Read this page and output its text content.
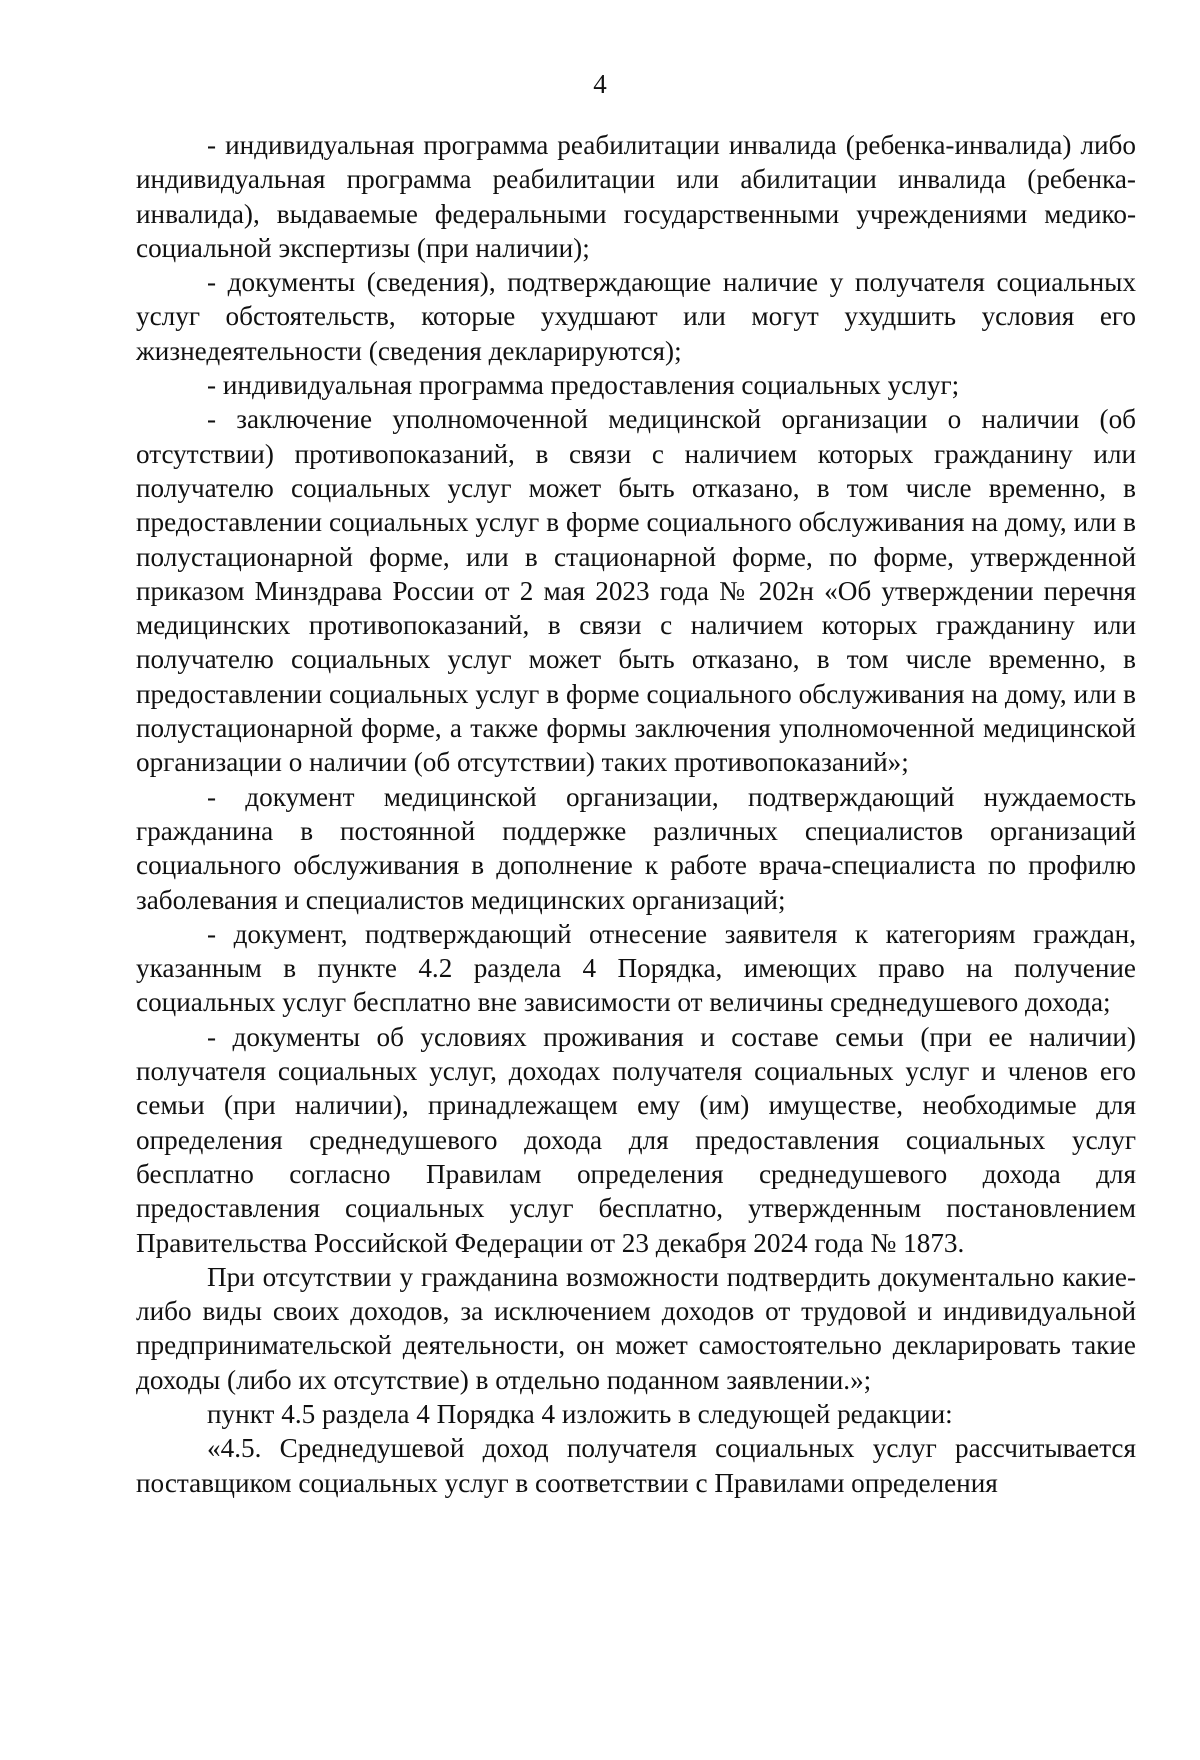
4

- индивидуальная программа реабилитации инвалида (ребенка-инвалида) либо индивидуальная программа реабилитации или абилитации инвалида (ребенка-инвалида), выдаваемые федеральными государственными учреждениями медико-социальной экспертизы (при наличии);

- документы (сведения), подтверждающие наличие у получателя социальных услуг обстоятельств, которые ухудшают или могут ухудшить условия его жизнедеятельности (сведения декларируются);

- индивидуальная программа предоставления социальных услуг;

- заключение уполномоченной медицинской организации о наличии (об отсутствии) противопоказаний, в связи с наличием которых гражданину или получателю социальных услуг может быть отказано, в том числе временно, в предоставлении социальных услуг в форме социального обслуживания на дому, или в полустационарной форме, или в стационарной форме, по форме, утвержденной приказом Минздрава России от 2 мая 2023 года № 202н «Об утверждении перечня медицинских противопоказаний, в связи с наличием которых гражданину или получателю социальных услуг может быть отказано, в том числе временно, в предоставлении социальных услуг в форме социального обслуживания на дому, или в полустационарной форме, а также формы заключения уполномоченной медицинской организации о наличии (об отсутствии) таких противопоказаний»;

- документ медицинской организации, подтверждающий нуждаемость гражданина в постоянной поддержке различных специалистов организаций социального обслуживания в дополнение к работе врача-специалиста по профилю заболевания и специалистов медицинских организаций;

- документ, подтверждающий отнесение заявителя к категориям граждан, указанным в пункте 4.2 раздела 4 Порядка, имеющих право на получение социальных услуг бесплатно вне зависимости от величины среднедушевого дохода;

- документы об условиях проживания и составе семьи (при ее наличии) получателя социальных услуг, доходах получателя социальных услуг и членов его семьи (при наличии), принадлежащем ему (им) имуществе, необходимые для определения среднедушевого дохода для предоставления социальных услуг бесплатно согласно Правилам определения среднедушевого дохода для предоставления социальных услуг бесплатно, утвержденным постановлением Правительства Российской Федерации от 23 декабря 2024 года № 1873.

При отсутствии у гражданина возможности подтвердить документально какие-либо виды своих доходов, за исключением доходов от трудовой и индивидуальной предпринимательской деятельности, он может самостоятельно декларировать такие доходы (либо их отсутствие) в отдельно поданном заявлении.»;

пункт 4.5 раздела 4 Порядка 4 изложить в следующей редакции:

«4.5. Среднедушевой доход получателя социальных услуг рассчитывается поставщиком социальных услуг в соответствии с Правилами определения
